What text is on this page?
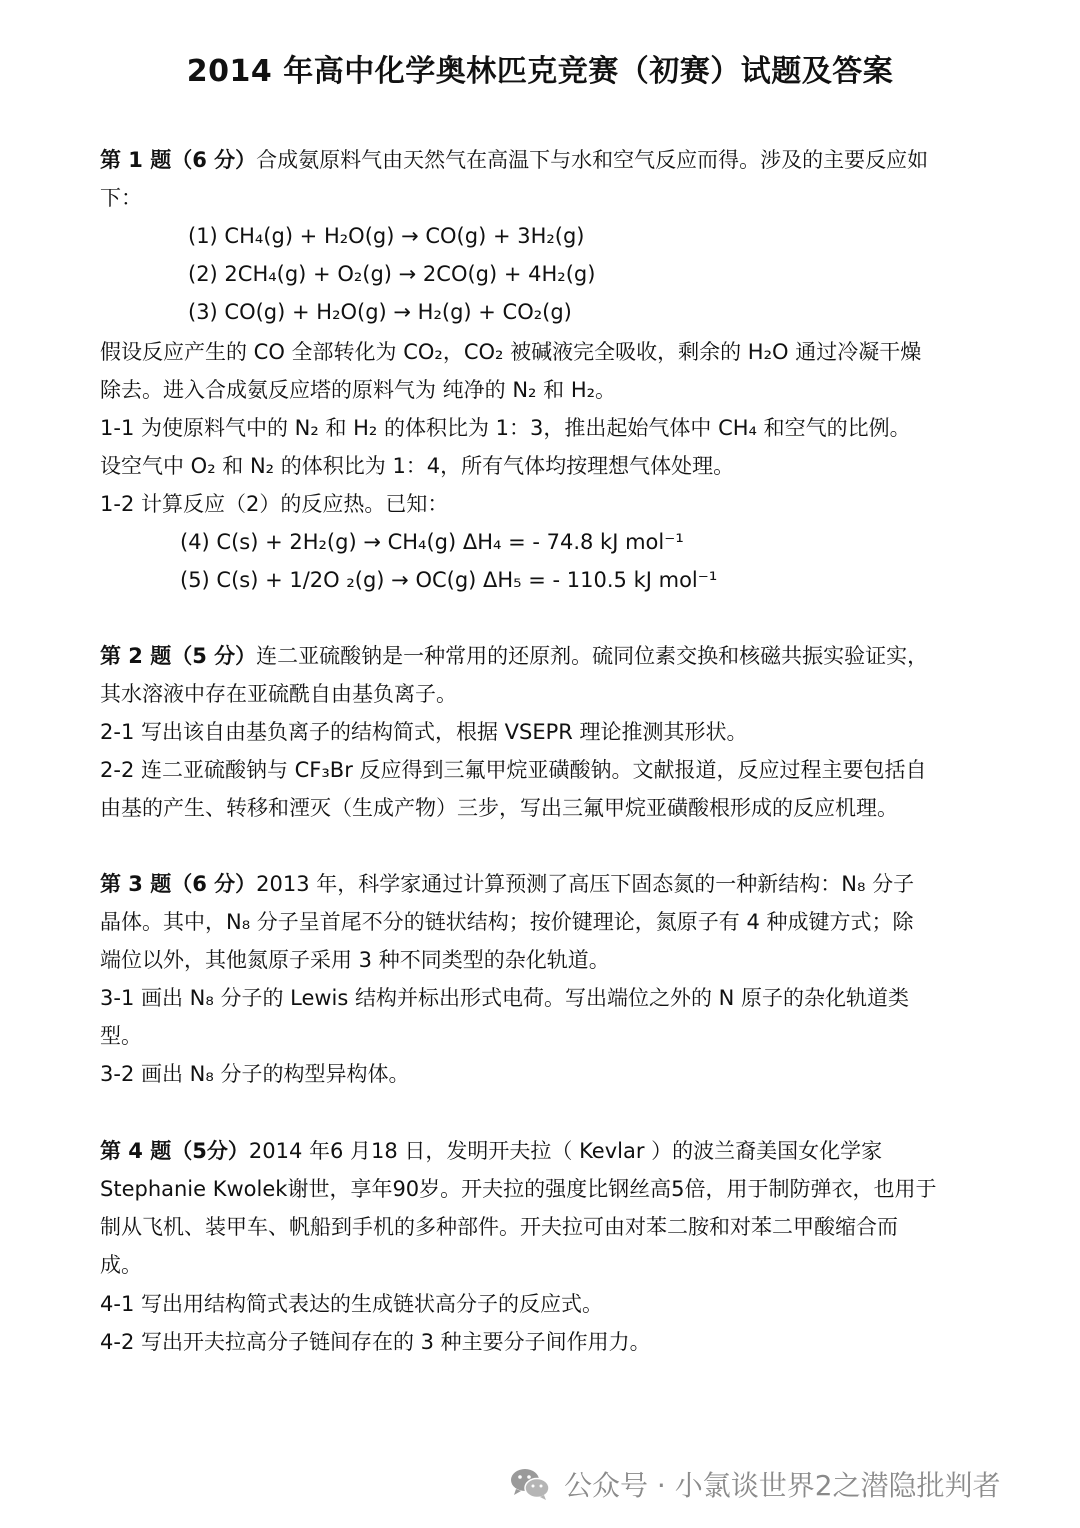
2014 年高中化学奥林匹克竞赛（初赛）试题及答案
第 1 题（6 分）合成氨原料气由天然气在高温下与水和空气反应而得。涉及的主要反应如
下：
(1) CH₄(g) + H₂O(g) → CO(g) + 3H₂(g)
(2) 2CH₄(g) + O₂(g) → 2CO(g) + 4H₂(g)
(3) CO(g) + H₂O(g) → H₂(g) + CO₂(g)
假设反应产生的 CO 全部转化为 CO₂，CO₂ 被碱液完全吸收，剩余的 H₂O 通过冷凝干燥
除去。进入合成氨反应塔的原料气为 纯净的 N₂ 和 H₂。
1-1 为使原料气中的 N₂ 和 H₂ 的体积比为 1：3，推出起始气体中 CH₄ 和空气的比例。
设空气中 O₂ 和 N₂ 的体积比为 1：4，所有气体均按理想气体处理。
1-2 计算反应（2）的反应热。已知：
(4) C(s) + 2H₂(g) → CH₄(g) ΔH₄ = - 74.8 kJ mol⁻¹
(5) C(s) + 1/2O ₂(g) → OC(g) ΔH₅ = - 110.5 kJ mol⁻¹
第 2 题（5 分）连二亚硫酸钠是一种常用的还原剂。硫同位素交换和核磁共振实验证实，
其水溶液中存在亚硫酰自由基负离子。
2-1 写出该自由基负离子的结构简式，根据 VSEPR 理论推测其形状。
2-2 连二亚硫酸钠与 CF₃Br 反应得到三氟甲烷亚磺酸钠。文献报道，反应过程主要包括自
由基的产生、转移和湮灭（生成产物）三步，写出三氟甲烷亚磺酸根形成的反应机理。
第 3 题（6 分）2013 年，科学家通过计算预测了高压下固态氮的一种新结构：N₈ 分子
晶体。其中，N₈ 分子呈首尾不分的链状结构；按价键理论，氮原子有 4 种成键方式；除
端位以外，其他氮原子采用 3 种不同类型的杂化轨道。
3-1 画出 N₈ 分子的 Lewis 结构并标出形式电荷。写出端位之外的 N 原子的杂化轨道类
型。
3-2 画出 N₈ 分子的构型异构体。
第 4 题（5分）2014 年6 月18 日，发明开夫拉（ Kevlar ）的波兰裔美国女化学家
Stephanie Kwolek谢世，享年90岁。开夫拉的强度比钢丝高5倍，用于制防弹衣，也用于
制从飞机、装甲车、帆船到手机的多种部件。开夫拉可由对苯二胺和对苯二甲酸缩合而
成。
4-1 写出用结构简式表达的生成链状高分子的反应式。
4-2 写出开夫拉高分子链间存在的 3 种主要分子间作用力。
公众号 · 小氯谈世界2之潜隐批判者
